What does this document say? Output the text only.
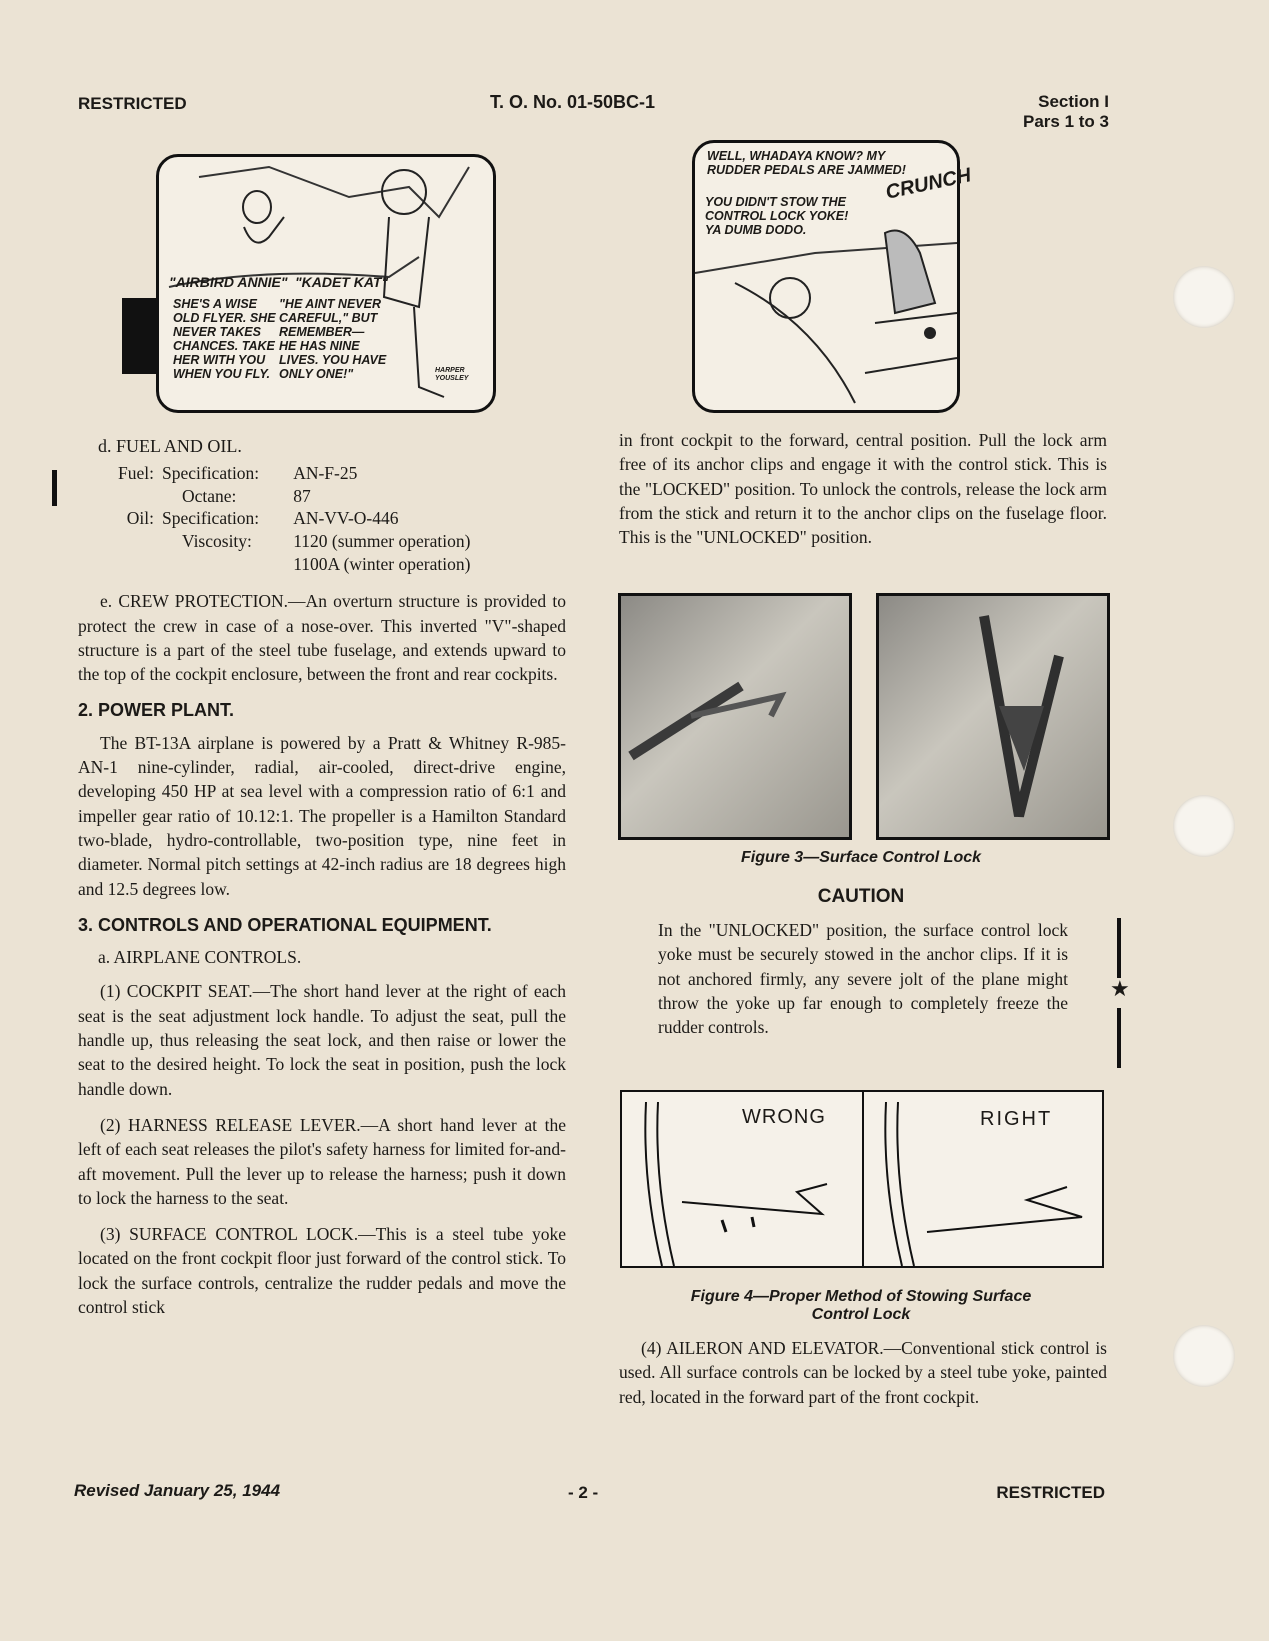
RESTRICTED	T. O. No. 01-50BC-1	Section I
Pars 1 to 3
"AIRBIRD ANNIE" "KADET KAT"
SHE'S A WISE
OLD FLYER. SHE
NEVER TAKES
CHANCES. TAKE
HER WITH YOU
WHEN YOU FLY.
"HE AINT NEVER
CAREFUL," BUT
REMEMBER—
HE HAS NINE
LIVES. YOU HAVE
ONLY ONE!"	HARPER YOUSLEY
WELL, WHADAYA KNOW? MY
RUDDER PEDALS ARE JAMMED!
YOU DIDN'T STOW THE
CONTROL LOCK YOKE!
YA DUMB DODO.
CRUNCH

d. FUEL AND OIL.

Fuel:	Specification:	AN-F-25
	Octane:	87
Oil:	Specification:	AN-VV-O-446
	Viscosity:	1120 (summer operation)
		1100A (winter operation)

e. CREW PROTECTION.—An overturn structure is provided to protect the crew in case of a nose-over. This inverted "V"-shaped structure is a part of the steel tube fuselage, and extends upward to the top of the cockpit enclosure, between the front and rear cockpits.

2. POWER PLANT.

The BT-13A airplane is powered by a Pratt & Whitney R-985-AN-1 nine-cylinder, radial, air-cooled, direct-drive engine, developing 450 HP at sea level with a compression ratio of 6:1 and impeller gear ratio of 10.12:1. The propeller is a Hamilton Standard two-blade, hydro-controllable, two-position type, nine feet in diameter. Normal pitch settings at 42-inch radius are 18 degrees high and 12.5 degrees low.

3. CONTROLS AND OPERATIONAL EQUIPMENT.

a. AIRPLANE CONTROLS.

(1) COCKPIT SEAT.—The short hand lever at the right of each seat is the seat adjustment lock handle. To adjust the seat, pull the handle up, thus releasing the seat lock, and then raise or lower the seat to the desired height. To lock the seat in position, push the lock handle down.

(2) HARNESS RELEASE LEVER.—A short hand lever at the left of each seat releases the pilot's safety harness for limited for-and-aft movement. Pull the lever up to release the harness; push it down to lock the harness to the seat.

(3) SURFACE CONTROL LOCK.—This is a steel tube yoke located on the front cockpit floor just forward of the control stick. To lock the surface controls, centralize the rudder pedals and move the control stick

in front cockpit to the forward, central position. Pull the lock arm free of its anchor clips and engage it with the control stick. This is the "LOCKED" position. To unlock the controls, release the lock arm from the stick and return it to the anchor clips on the fuselage floor. This is the "UNLOCKED" position.

Figure 3—Surface Control Lock
CAUTION

In the "UNLOCKED" position, the surface control lock yoke must be securely stowed in the anchor clips. If it is not anchored firmly, any severe jolt of the plane might throw the yoke up far enough to completely freeze the rudder controls.

★
WRONG	RIGHT
Figure 4—Proper Method of Stowing Surface
Control Lock

(4) AILERON AND ELEVATOR.—Conventional stick control is used. All surface controls can be locked by a steel tube yoke, painted red, located in the forward part of the front cockpit.

Revised January 25, 1944	- 2 -	RESTRICTED
